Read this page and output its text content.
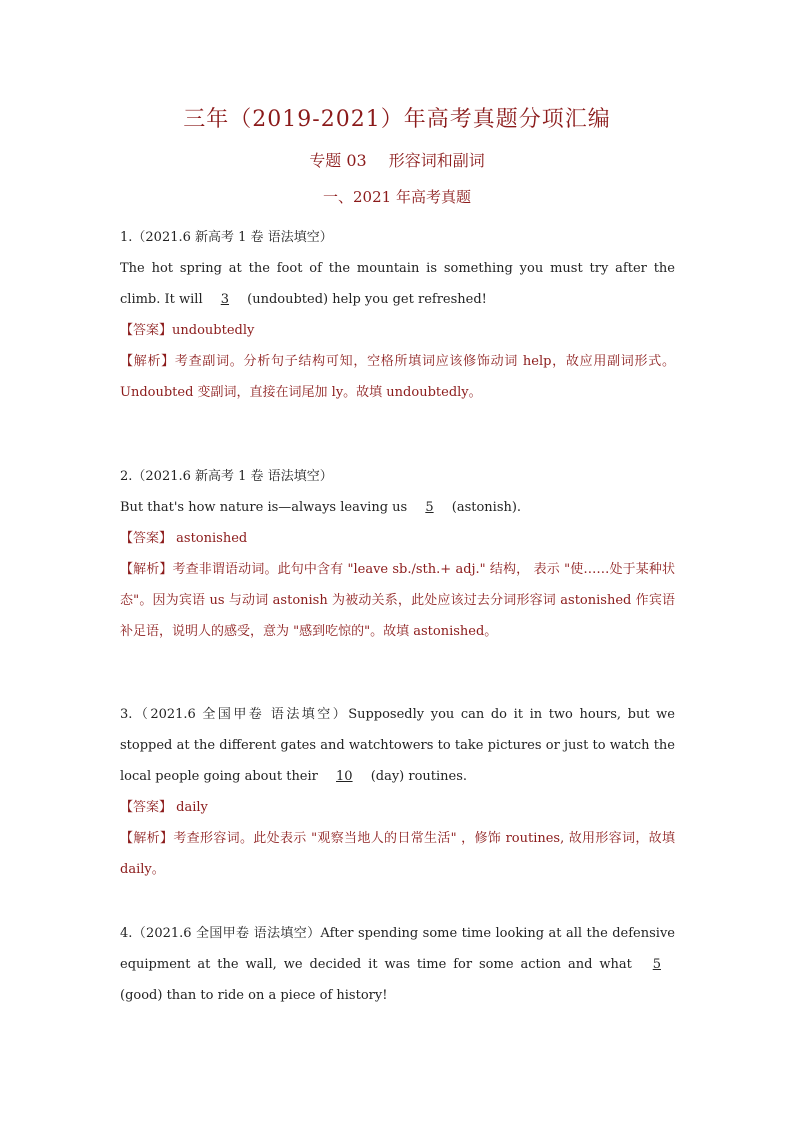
三年（2019-2021）年高考真题分项汇编
专题 03 形容词和副词
一、2021 年高考真题

1.（2021.6 新高考 1 卷 语法填空）

The hot spring at the foot of the mountain is something you must try after the climb. It will 3 (undoubted) help you get refreshed!

【答案】undoubtedly

【解析】考查副词。分析句子结构可知，空格所填词应该修饰动词 help，故应用副词形式。Undoubted 变副词，直接在词尾加 ly。故填 undoubtedly。

2.（2021.6 新高考 1 卷 语法填空）

But that's how nature is—always leaving us 5 (astonish).

【答案】 astonished

【解析】考查非谓语动词。此句中含有 "leave sb./sth.+ adj." 结构， 表示 "使……处于某种状态"。因为宾语 us 与动词 astonish 为被动关系，此处应该过去分词形容词 astonished 作宾语补足语，说明人的感受，意为 "感到吃惊的"。故填 astonished。

3.（2021.6 全国甲卷 语法填空）Supposedly you can do it in two hours, but we stopped at the different gates and watchtowers to take pictures or just to watch the local people going about their 10 (day) routines.

【答案】 daily

【解析】考查形容词。此处表示 "观察当地人的日常生活" ，修饰 routines, 故用形容词，故填 daily。

4.（2021.6 全国甲卷 语法填空）After spending some time looking at all the defensive equipment at the wall, we decided it was time for some action and what 5 (good) than to ride on a piece of history!
